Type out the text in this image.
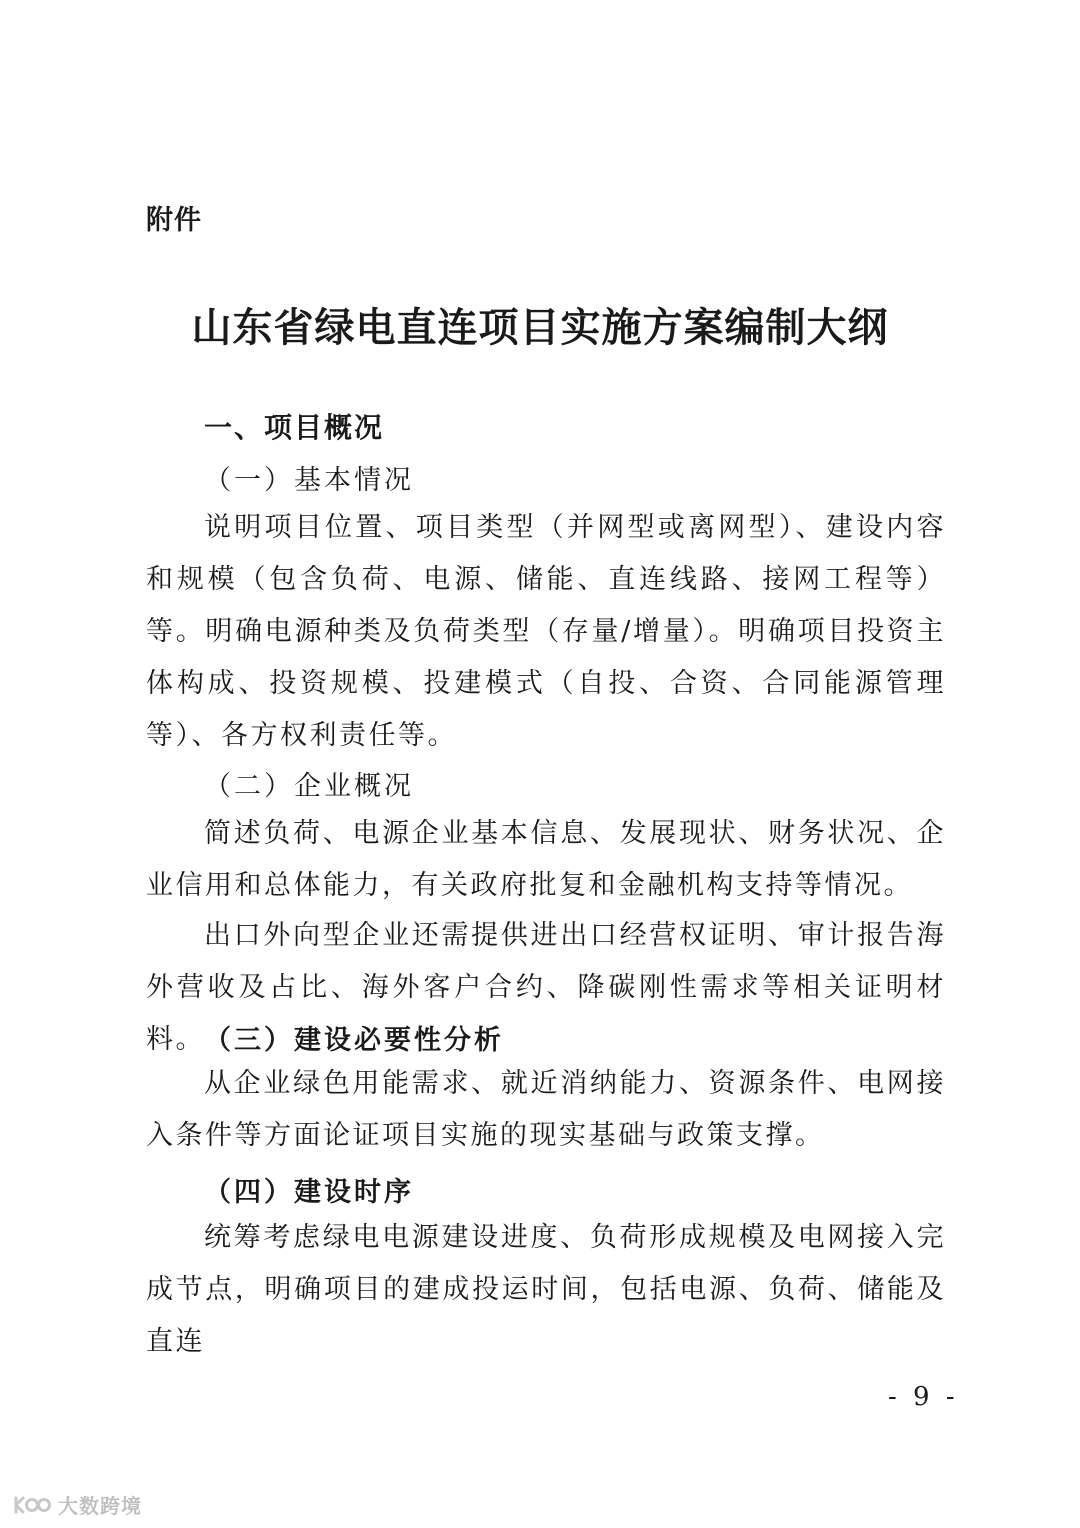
附件
山东省绿电直连项目实施方案编制大纲
一、项目概况
（一）基本情况

说明项目位置、项目类型（并网型或离网型）、建设内容和规模（包含负荷、电源、储能、直连线路、接网工程等）等。明确电源种类及负荷类型（存量/增量）。明确项目投资主体构成、投资规模、投建模式（自投、合资、合同能源管理等）、各方权利责任等。

（二）企业概况

简述负荷、电源企业基本信息、发展现状、财务状况、企业信用和总体能力，有关政府批复和金融机构支持等情况。

出口外向型企业还需提供进出口经营权证明、审计报告海外营收及占比、海外客户合约、降碳刚性需求等相关证明材料。 （三）建设必要性分析

从企业绿色用能需求、就近消纳能力、资源条件、电网接入条件等方面论证项目实施的现实基础与政策支撑。

（四）建设时序

统筹考虑绿电电源建设进度、负荷形成规模及电网接入完成节点，明确项目的建成投运时间，包括电源、负荷、储能及直连

- 9 -
大数跨境
